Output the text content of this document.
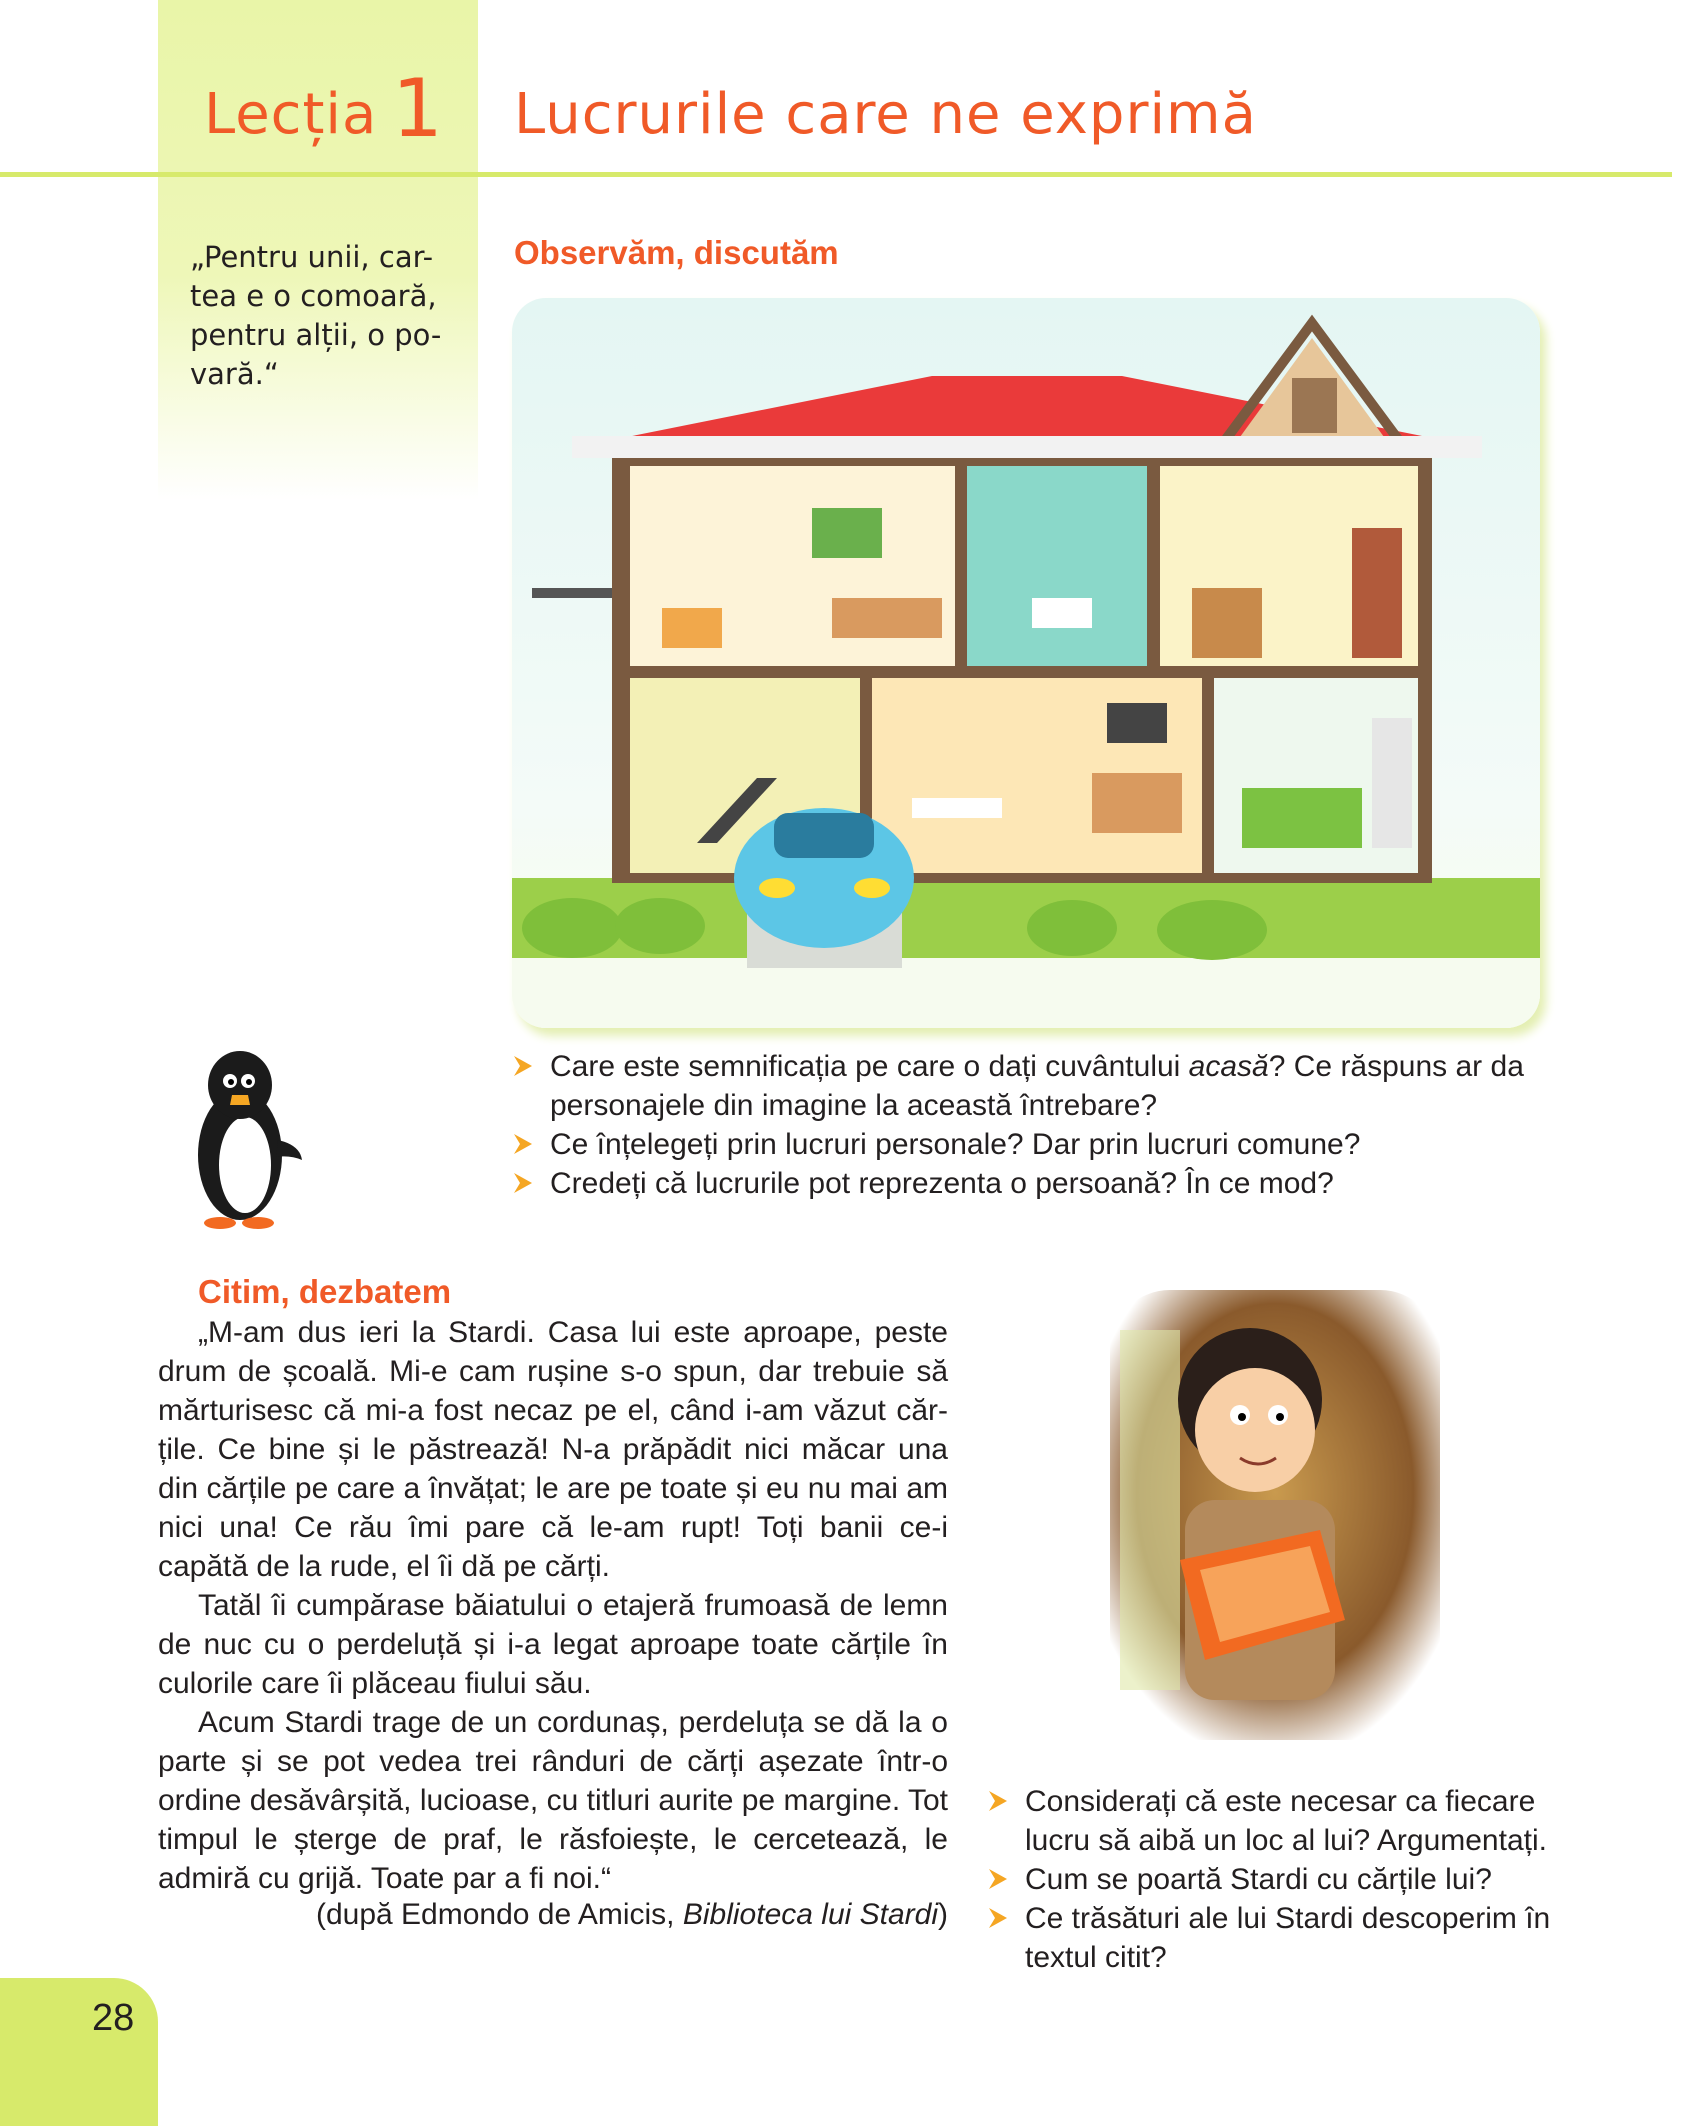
Lecția 1 Lucrurile care ne exprimă
„Pentru unii, car-
tea e o comoară,
pentru alții, o po-
vară.“
Observăm, discutăm
Care este semnificația pe care o dați cuvântului acasă? Ce răspuns ar da personajele din imagine la această întrebare?
Ce înțelegeți prin lucruri personale? Dar prin lucruri comune?
Credeți că lucrurile pot reprezenta o persoană? În ce mod?
Citim, dezbatem

„M-am dus ieri la Stardi. Casa lui este aproape, peste drum de școală. Mi-e cam rușine s-o spun, dar trebuie să mărturisesc că mi-a fost necaz pe el, când i-am văzut căr-țile. Ce bine și le păstrează! N-a prăpădit nici măcar una din cărțile pe care a învățat; le are pe toate și eu nu mai am nici una! Ce rău îmi pare că le-am rupt! Toți banii ce-i capătă de la rude, el îi dă pe cărți.

Tatăl îi cumpărase băiatului o etajeră frumoasă de lemn de nuc cu o perdeluță și i-a legat aproape toate cărțile în culorile care îi plăceau fiului său.

Acum Stardi trage de un cordunaș, perdeluța se dă la o parte și se pot vedea trei rânduri de cărți așezate într-o ordine desăvârșită, lucioase, cu titluri aurite pe margine. Tot timpul le șterge de praf, le răsfoiește, le cercetează, le admiră cu grijă. Toate par a fi noi.“

(după Edmondo de Amicis, Biblioteca lui Stardi)
Considerați că este necesar ca fiecare lucru să aibă un loc al lui? Argumentați.
Cum se poartă Stardi cu cărțile lui?
Ce trăsături ale lui Stardi descoperim în textul citit?
28
